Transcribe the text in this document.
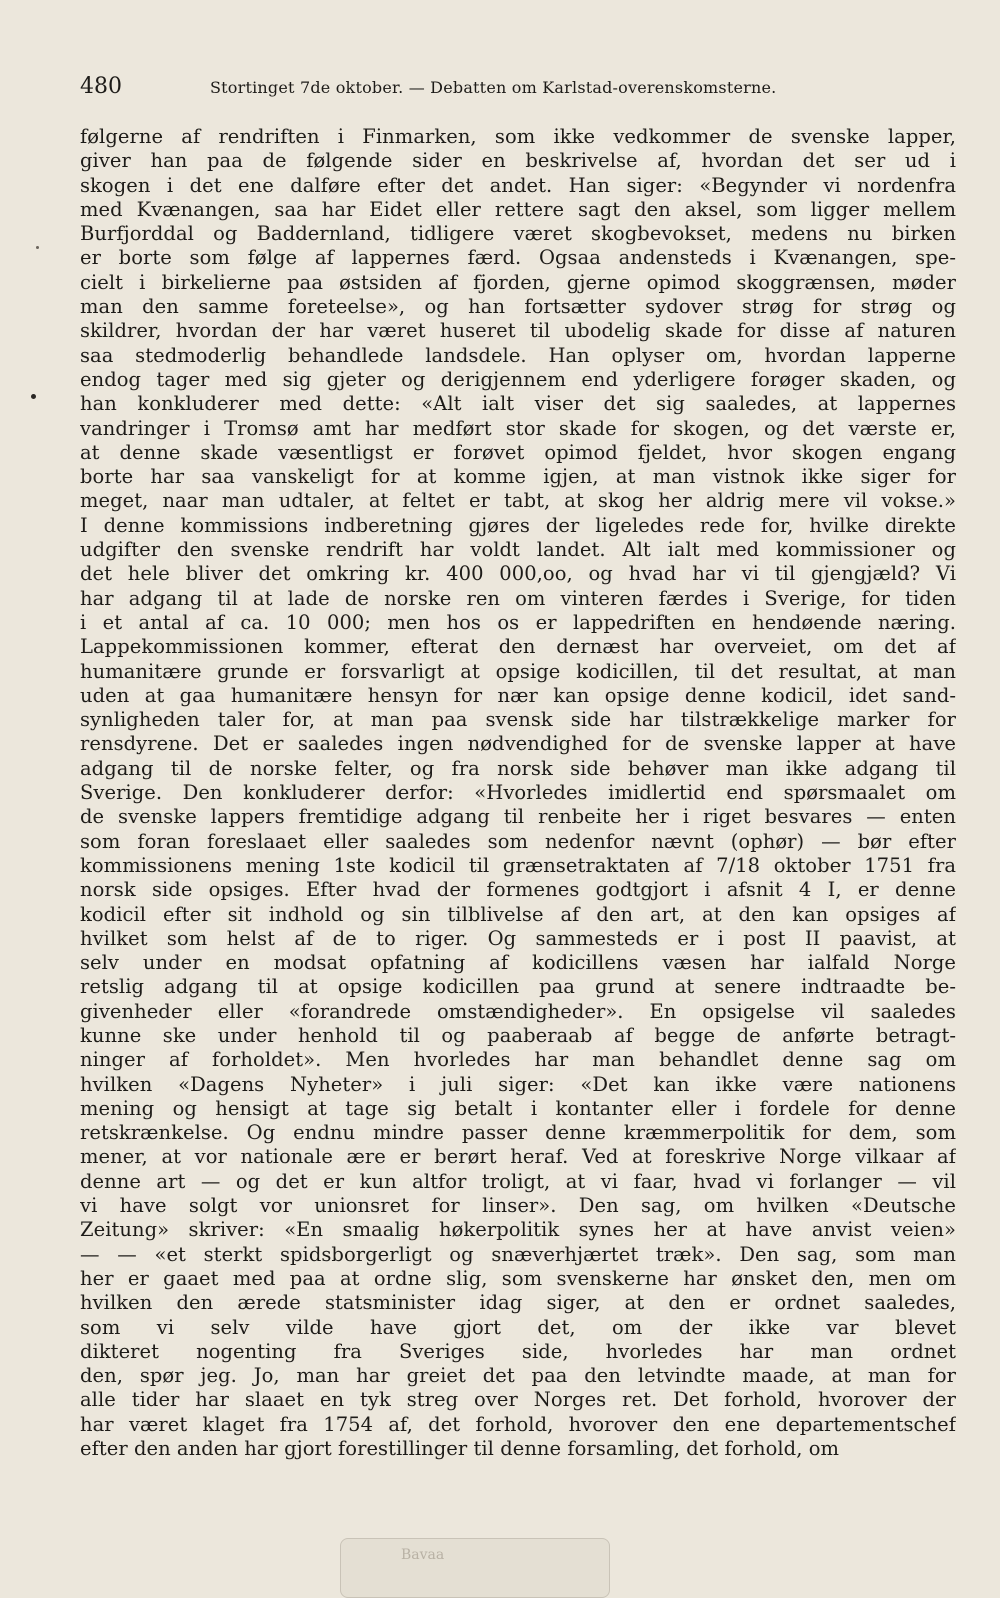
480	Stortinget 7de oktober. — Debatten om Karlstad-overenskomsterne.
følgerne af rendriften i Finmarken, som ikke vedkommer de svenske lapper,
giver han paa de følgende sider en beskrivelse af, hvordan det ser ud i
skogen i det ene dalføre efter det andet. Han siger: «Begynder vi nordenfra
med Kvænangen, saa har Eidet eller rettere sagt den aksel, som ligger mellem
Burfjorddal og Baddernland, tidligere været skogbevokset, medens nu birken
er borte som følge af lappernes færd. Ogsaa andensteds i Kvænangen, spe-
cielt i birkelierne paa østsiden af fjorden, gjerne opimod skoggrænsen, møder
man den samme foreteelse», og han fortsætter sydover strøg for strøg og
skildrer, hvordan der har været huseret til ubodelig skade for disse af naturen
saa stedmoderlig behandlede landsdele. Han oplyser om, hvordan lapperne
endog tager med sig gjeter og derigjennem end yderligere forøger skaden, og
han konkluderer med dette: «Alt ialt viser det sig saaledes, at lappernes
vandringer i Tromsø amt har medført stor skade for skogen, og det værste er,
at denne skade væsentligst er forøvet opimod fjeldet, hvor skogen engang
borte har saa vanskeligt for at komme igjen, at man vistnok ikke siger for
meget, naar man udtaler, at feltet er tabt, at skog her aldrig mere vil vokse.»
I denne kommissions indberetning gjøres der ligeledes rede for, hvilke direkte
udgifter den svenske rendrift har voldt landet. Alt ialt med kommissioner og
det hele bliver det omkring kr. 400 000,oo, og hvad har vi til gjengjæld? Vi
har adgang til at lade de norske ren om vinteren færdes i Sverige, for tiden
i et antal af ca. 10 000; men hos os er lappedriften en hendøende næring.
Lappekommissionen kommer, efterat den dernæst har overveiet, om det af
humanitære grunde er forsvarligt at opsige kodicillen, til det resultat, at man
uden at gaa humanitære hensyn for nær kan opsige denne kodicil, idet sand-
synligheden taler for, at man paa svensk side har tilstrækkelige marker for
rensdyrene. Det er saaledes ingen nødvendighed for de svenske lapper at have
adgang til de norske felter, og fra norsk side behøver man ikke adgang til
Sverige. Den konkluderer derfor: «Hvorledes imidlertid end spørsmaalet om
de svenske lappers fremtidige adgang til renbeite her i riget besvares — enten
som foran foreslaaet eller saaledes som nedenfor nævnt (ophør) — bør efter
kommissionens mening 1ste kodicil til grænsetraktaten af 7/18 oktober 1751 fra
norsk side opsiges. Efter hvad der formenes godtgjort i afsnit 4 I, er denne
kodicil efter sit indhold og sin tilblivelse af den art, at den kan opsiges af
hvilket som helst af de to riger. Og sammesteds er i post II paavist, at
selv under en modsat opfatning af kodicillens væsen har ialfald Norge
retslig adgang til at opsige kodicillen paa grund at senere indtraadte be-
givenheder eller «forandrede omstændigheder». En opsigelse vil saaledes
kunne ske under henhold til og paaberaab af begge de anførte betragt-
ninger af forholdet». Men hvorledes har man behandlet denne sag om
hvilken «Dagens Nyheter» i juli siger: «Det kan ikke være nationens
mening og hensigt at tage sig betalt i kontanter eller i fordele for denne
retskrænkelse. Og endnu mindre passer denne kræmmerpolitik for dem, som
mener, at vor nationale ære er berørt heraf. Ved at foreskrive Norge vilkaar af
denne art — og det er kun altfor troligt, at vi faar, hvad vi forlanger — vil
vi have solgt vor unionsret for linser». Den sag, om hvilken «Deutsche
Zeitung» skriver: «En smaalig høkerpolitik synes her at have anvist veien»
— — «et sterkt spidsborgerligt og snæverhjærtet træk». Den sag, som man
her er gaaet med paa at ordne slig, som svenskerne har ønsket den, men om
hvilken den ærede statsminister idag siger, at den er ordnet saaledes,
som vi selv vilde have gjort det, om der ikke var blevet
dikteret nogenting fra Sveriges side, hvorledes har man ordnet
den, spør jeg. Jo, man har greiet det paa den letvindte maade, at man for
alle tider har slaaet en tyk streg over Norges ret. Det forhold, hvorover der
har været klaget fra 1754 af, det forhold, hvorover den ene departementschef
efter den anden har gjort forestillinger til denne forsamling, det forhold, om
Bavaa
